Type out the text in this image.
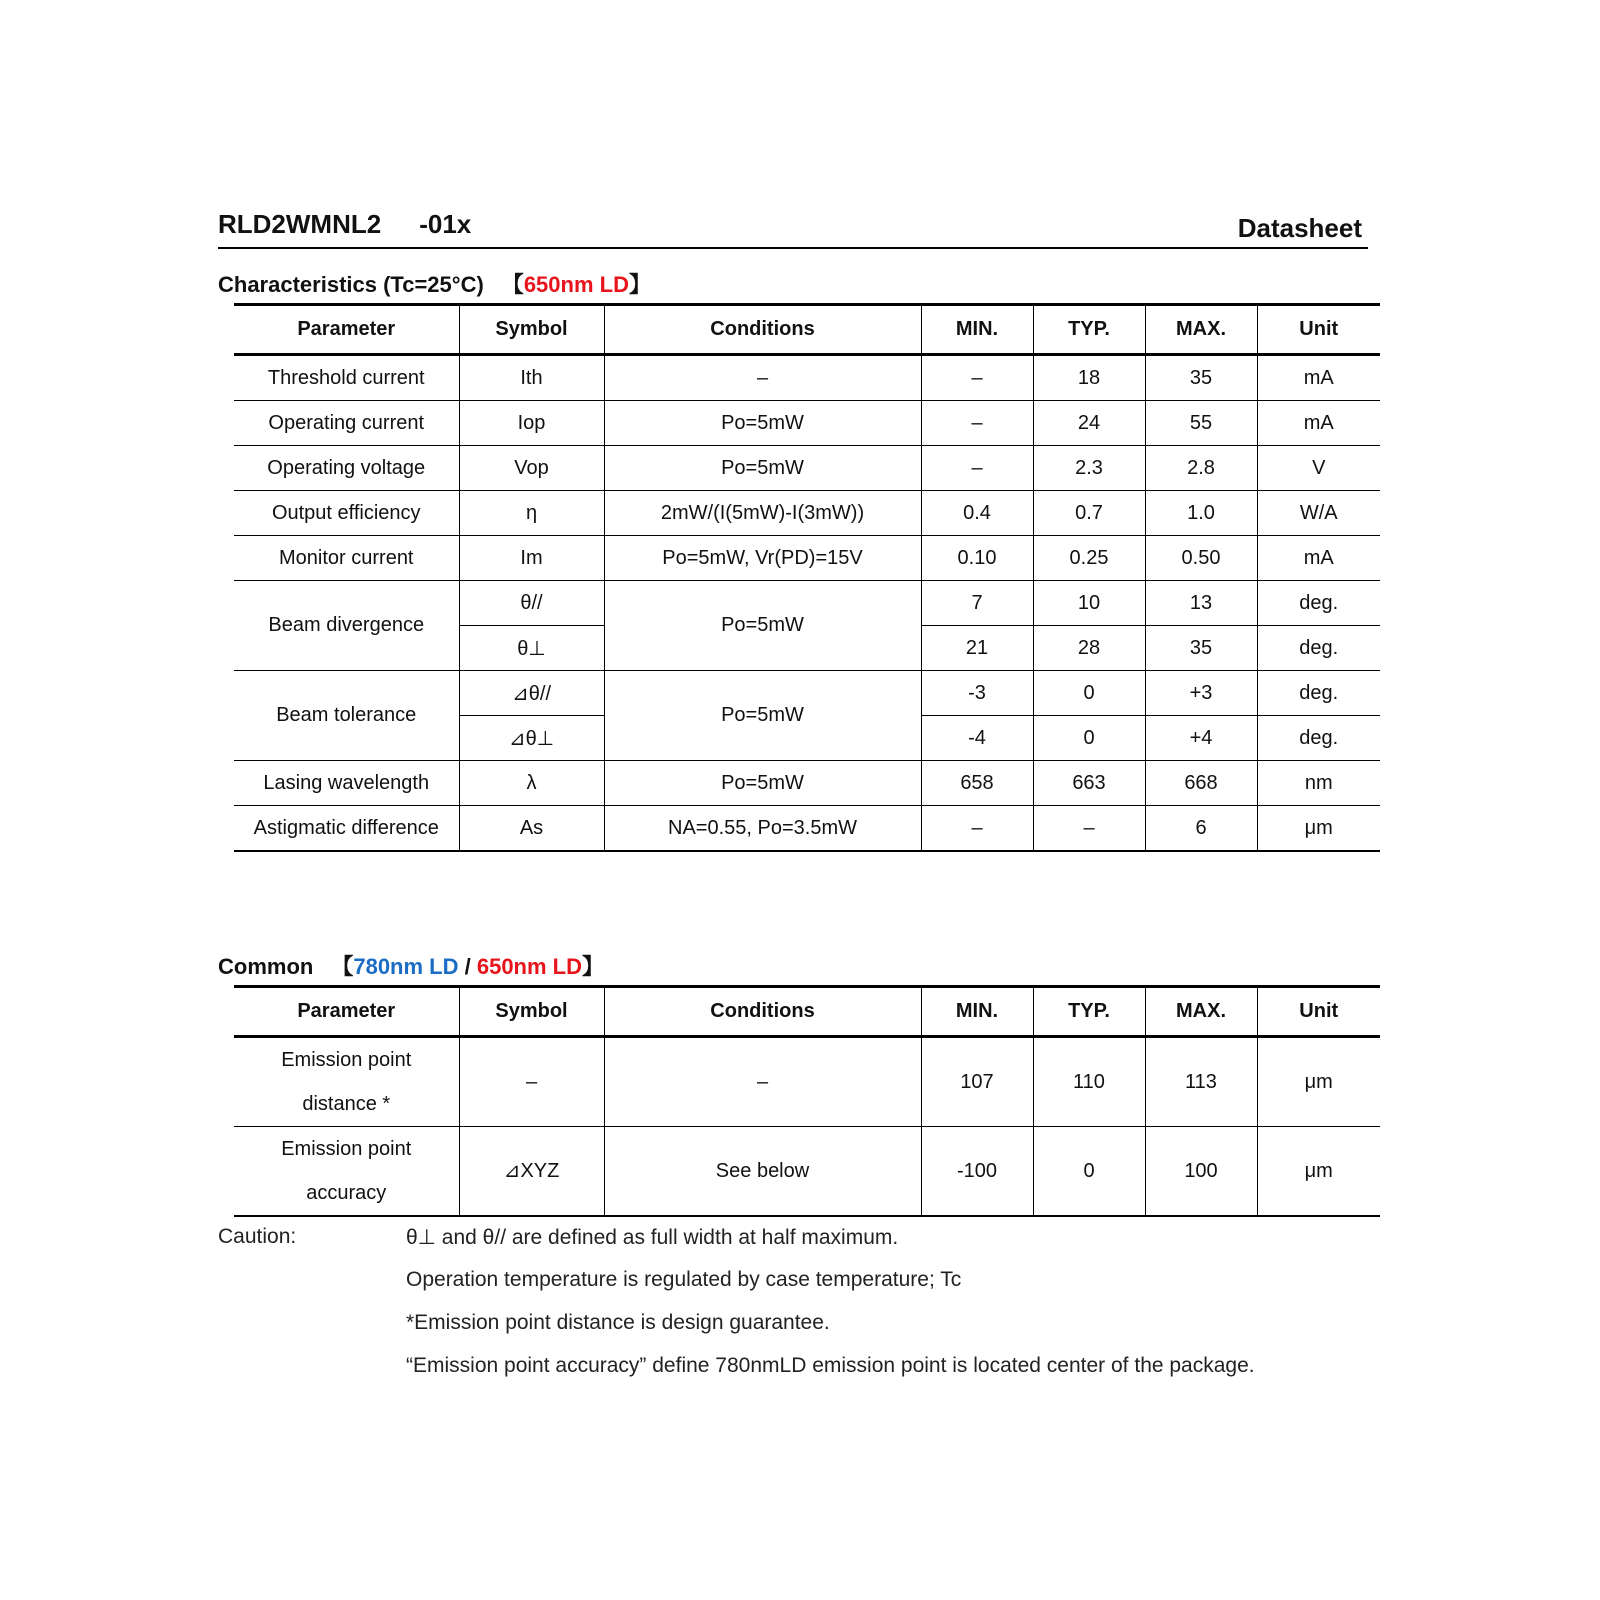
RLD2WMNL2 -01x	Datasheet
Characteristics (Tc=25°C) 【650nm LD】
Parameter	Symbol	Conditions	MIN.	TYP.	MAX.	Unit
Threshold current	Ith	–	–	18	35	mA
Operating current	Iop	Po=5mW	–	24	55	mA
Operating voltage	Vop	Po=5mW	–	2.3	2.8	V
Output efficiency	η	2mW/(I(5mW)-I(3mW))	0.4	0.7	1.0	W/A
Monitor current	Im	Po=5mW, Vr(PD)=15V	0.10	0.25	0.50	mA
Beam divergence	θ//	Po=5mW	7	10	13	deg.
	θ⊥		21	28	35	deg.
Beam tolerance	⊿θ//	Po=5mW	-3	0	+3	deg.
	⊿θ⊥		-4	0	+4	deg.
Lasing wavelength	λ	Po=5mW	658	663	668	nm
Astigmatic difference	As	NA=0.55, Po=3.5mW	–	–	6	μm
Common 【780nm LD / 650nm LD】
Parameter	Symbol	Conditions	MIN.	TYP.	MAX.	Unit

Emission point
distance *	–	–	107	110	113	μm

Emission point
accuracy	⊿XYZ	See below	-100	0	100	μm
Caution:	θ⊥ and θ// are defined as full width at half maximum.
Operation temperature is regulated by case temperature; Tc
*Emission point distance is design guarantee.
“Emission point accuracy” define 780nmLD emission point is located center of the package.
